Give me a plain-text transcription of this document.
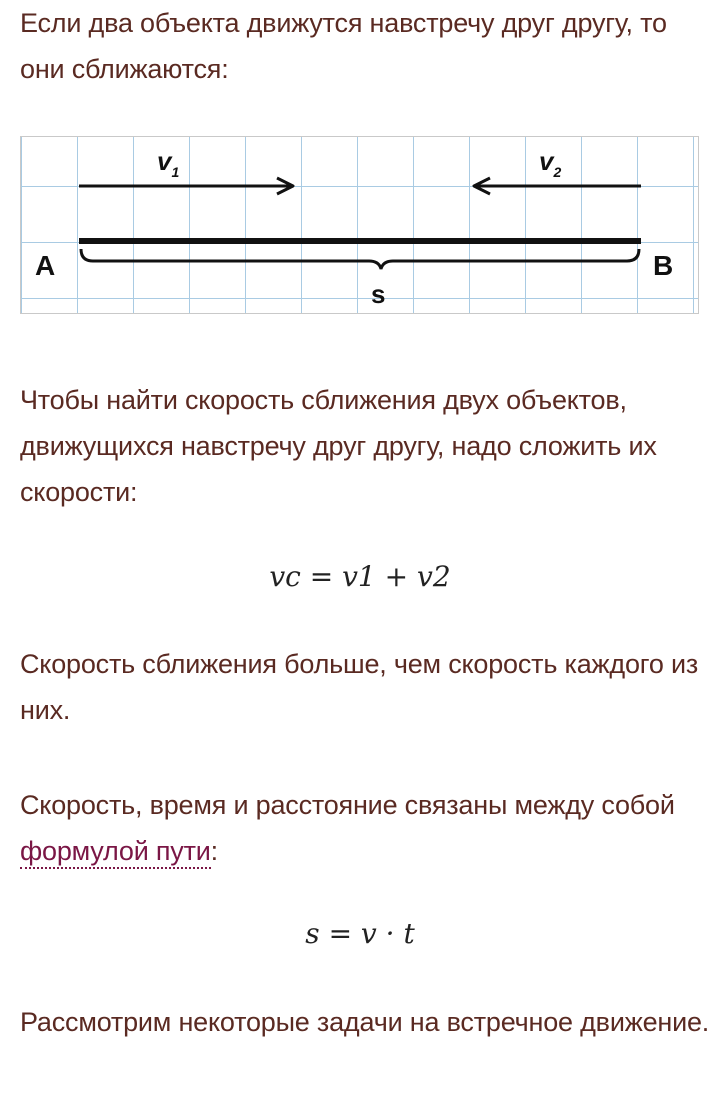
Если два объекта движутся навстречу друг другу, то они сближаются:

$v_1$	$v_2$
A	B
s

Чтобы найти скорость сближения двух объектов, движущихся навстречу друг другу, надо сложить их скорости:

vc = v1 + v2

Скорость сближения больше, чем скорость каждого из них.

Скорость, время и расстояние связаны между собой формулой пути:

s = v · t

Рассмотрим некоторые задачи на встречное движение.
